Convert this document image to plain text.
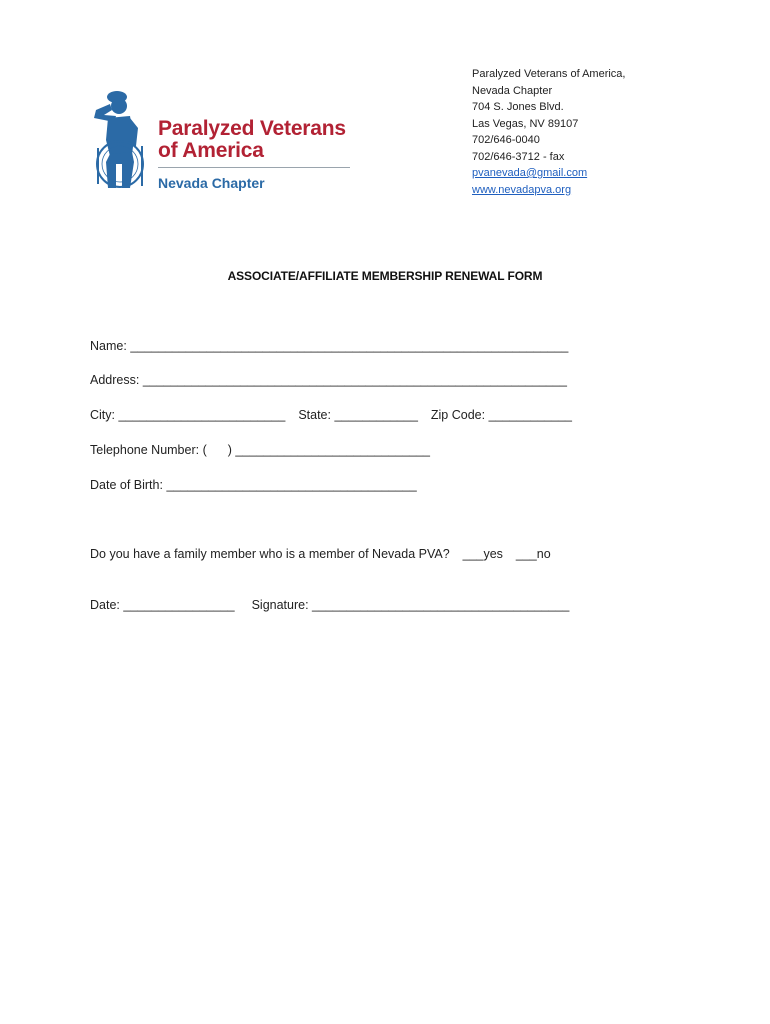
Paralyzed Veterans
of America
Nevada Chapter
Paralyzed Veterans of America,
Nevada Chapter
704 S. Jones Blvd.
Las Vegas, NV 89107
702/646-0040
702/646-3712 - fax
pvanevada@gmail.com
www.nevadapva.org
ASSOCIATE/AFFILIATE MEMBERSHIP RENEWAL FORM
Name: _______________________________________________________________
Address: _____________________________________________________________
City: ________________________ State: ____________ Zip Code: ____________
Telephone Number: ( ) ____________________________
Date of Birth: ____________________________________
Do you have a family member who is a member of Nevada PVA? ___yes ___no
Date: ________________ Signature: _____________________________________
